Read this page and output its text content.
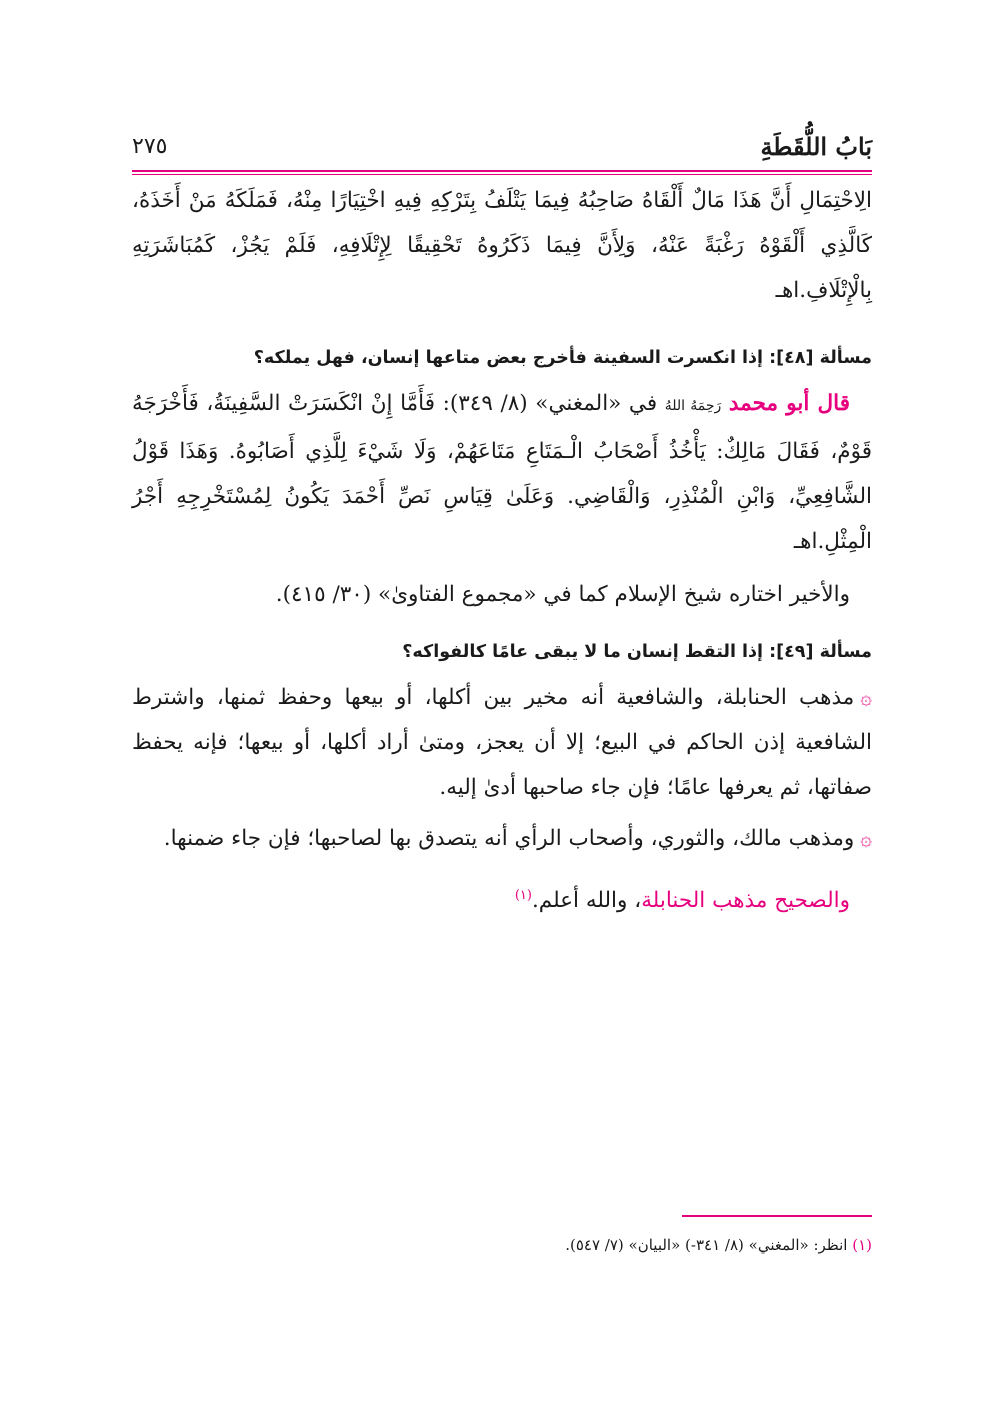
٢٧٥	بَابُ اللُّقَطَةِ

الِاحْتِمَالِ أَنَّ هَذَا مَالٌ أَلْقَاهُ صَاحِبُهُ فِيمَا يَتْلَفُ بِتَرْكِهِ فِيهِ اخْتِيَارًا مِنْهُ، فَمَلَكَهُ مَنْ أَخَذَهُ، كَالَّذِي أَلْقَوْهُ رَغْبَةً عَنْهُ، وَلِأَنَّ فِيمَا ذَكَرُوهُ تَحْقِيقًا لِإِتْلَافِهِ، فَلَمْ يَجُزْ، كَمُبَاشَرَتِهِ بِالْإِتْلَافِ.اهـ

مسألة [٤٨]: إذا انكسرت السفينة فأخرج بعض متاعها إنسان، فهل يملكه؟

قال أبو محمد رَحِمَهُ اللهُ في «المغني» (٨/ ٣٤٩): فَأَمَّا إِنْ انْكَسَرَتْ السَّفِينَةُ، فَأَخْرَجَهُ قَوْمٌ، فَقَالَ مَالِكٌ: يَأْخُذُ أَصْحَابُ الْـمَتَاعِ مَتَاعَهُمْ، وَلَا شَيْءَ لِلَّذِي أَصَابُوهُ. وَهَذَا قَوْلُ الشَّافِعِيِّ، وَابْنِ الْمُنْذِرِ، وَالْقَاضِي. وَعَلَىٰ قِيَاسِ نَصِّ أَحْمَدَ يَكُونُ لِمُسْتَخْرِجِهِ أَجْرُ الْمِثْلِ.اهـ

والأخير اختاره شيخ الإسلام كما في «مجموع الفتاوىٰ» (٣٠/ ٤١٥).

مسألة [٤٩]: إذا التقط إنسان ما لا يبقى عامًا كالفواكه؟

۞مذهب الحنابلة، والشافعية أنه مخير بين أكلها، أو بيعها وحفظ ثمنها، واشترط الشافعية إذن الحاكم في البيع؛ إلا أن يعجز، ومتىٰ أراد أكلها، أو بيعها؛ فإنه يحفظ صفاتها، ثم يعرفها عامًا؛ فإن جاء صاحبها أدىٰ إليه.

۞ومذهب مالك، والثوري، وأصحاب الرأي أنه يتصدق بها لصاحبها؛ فإن جاء ضمنها.

والصحيح مذهب الحنابلة، والله أعلم.$^{(١)}$

(١) انظر: «المغني» (٨/ ٣٤١-) «البيان» (٧/ ٥٤٧).
